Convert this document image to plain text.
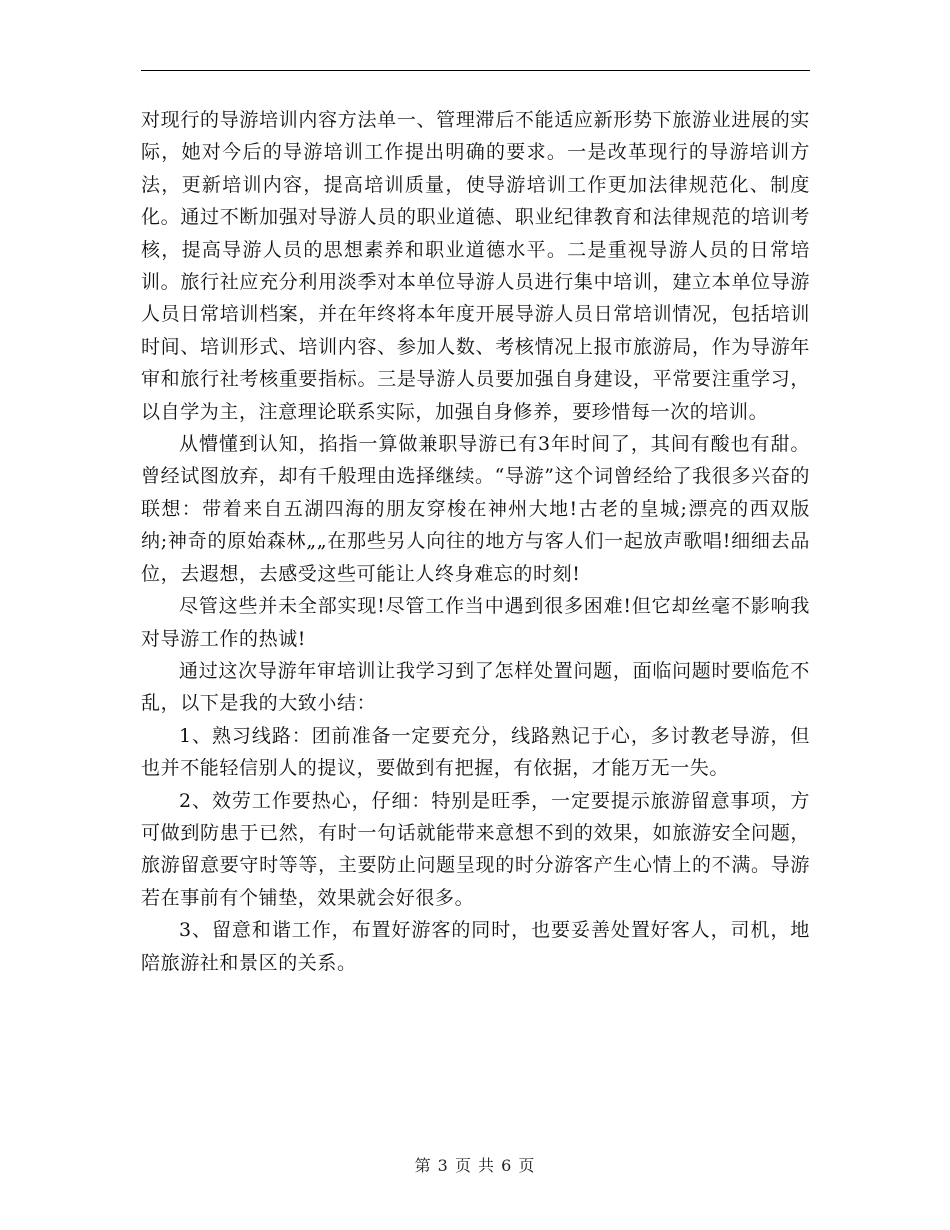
对现行的导游培训内容方法单一、管理滞后不能适应新形势下旅游业进展的实际，她对今后的导游培训工作提出明确的要求。一是改革现行的导游培训方法，更新培训内容，提高培训质量，使导游培训工作更加法律规范化、制度化。通过不断加强对导游人员的职业道德、职业纪律教育和法律规范的培训考核，提高导游人员的思想素养和职业道德水平。二是重视导游人员的日常培训。旅行社应充分利用淡季对本单位导游人员进行集中培训，建立本单位导游人员日常培训档案，并在年终将本年度开展导游人员日常培训情况，包括培训时间、培训形式、培训内容、参加人数、考核情况上报市旅游局，作为导游年审和旅行社考核重要指标。三是导游人员要加强自身建设，平常要注重学习，以自学为主，注意理论联系实际，加强自身修养，要珍惜每一次的培训。

从懵懂到认知，掐指一算做兼职导游已有3年时间了，其间有酸也有甜。曾经试图放弃，却有千般理由选择继续。“导游”这个词曾经给了我很多兴奋的联想：带着来自五湖四海的朋友穿梭在神州大地!古老的皇城;漂亮的西双版纳;神奇的原始森林„„在那些另人向往的地方与客人们一起放声歌唱!细细去品位，去遐想，去感受这些可能让人终身难忘的时刻!

尽管这些并未全部实现!尽管工作当中遇到很多困难!但它却丝毫不影响我对导游工作的热诚!

通过这次导游年审培训让我学习到了怎样处置问题，面临问题时要临危不乱，以下是我的大致小结：

1、熟习线路：团前准备一定要充分，线路熟记于心，多讨教老导游，但也并不能轻信别人的提议，要做到有把握，有依据，才能万无一失。

2、效劳工作要热心，仔细：特别是旺季，一定要提示旅游留意事项，方可做到防患于已然，有时一句话就能带来意想不到的效果，如旅游安全问题，旅游留意要守时等等，主要防止问题呈现的时分游客产生心情上的不满。导游若在事前有个铺垫，效果就会好很多。

3、留意和谐工作，布置好游客的同时，也要妥善处置好客人，司机，地陪旅游社和景区的关系。

第 3 页 共 6 页
